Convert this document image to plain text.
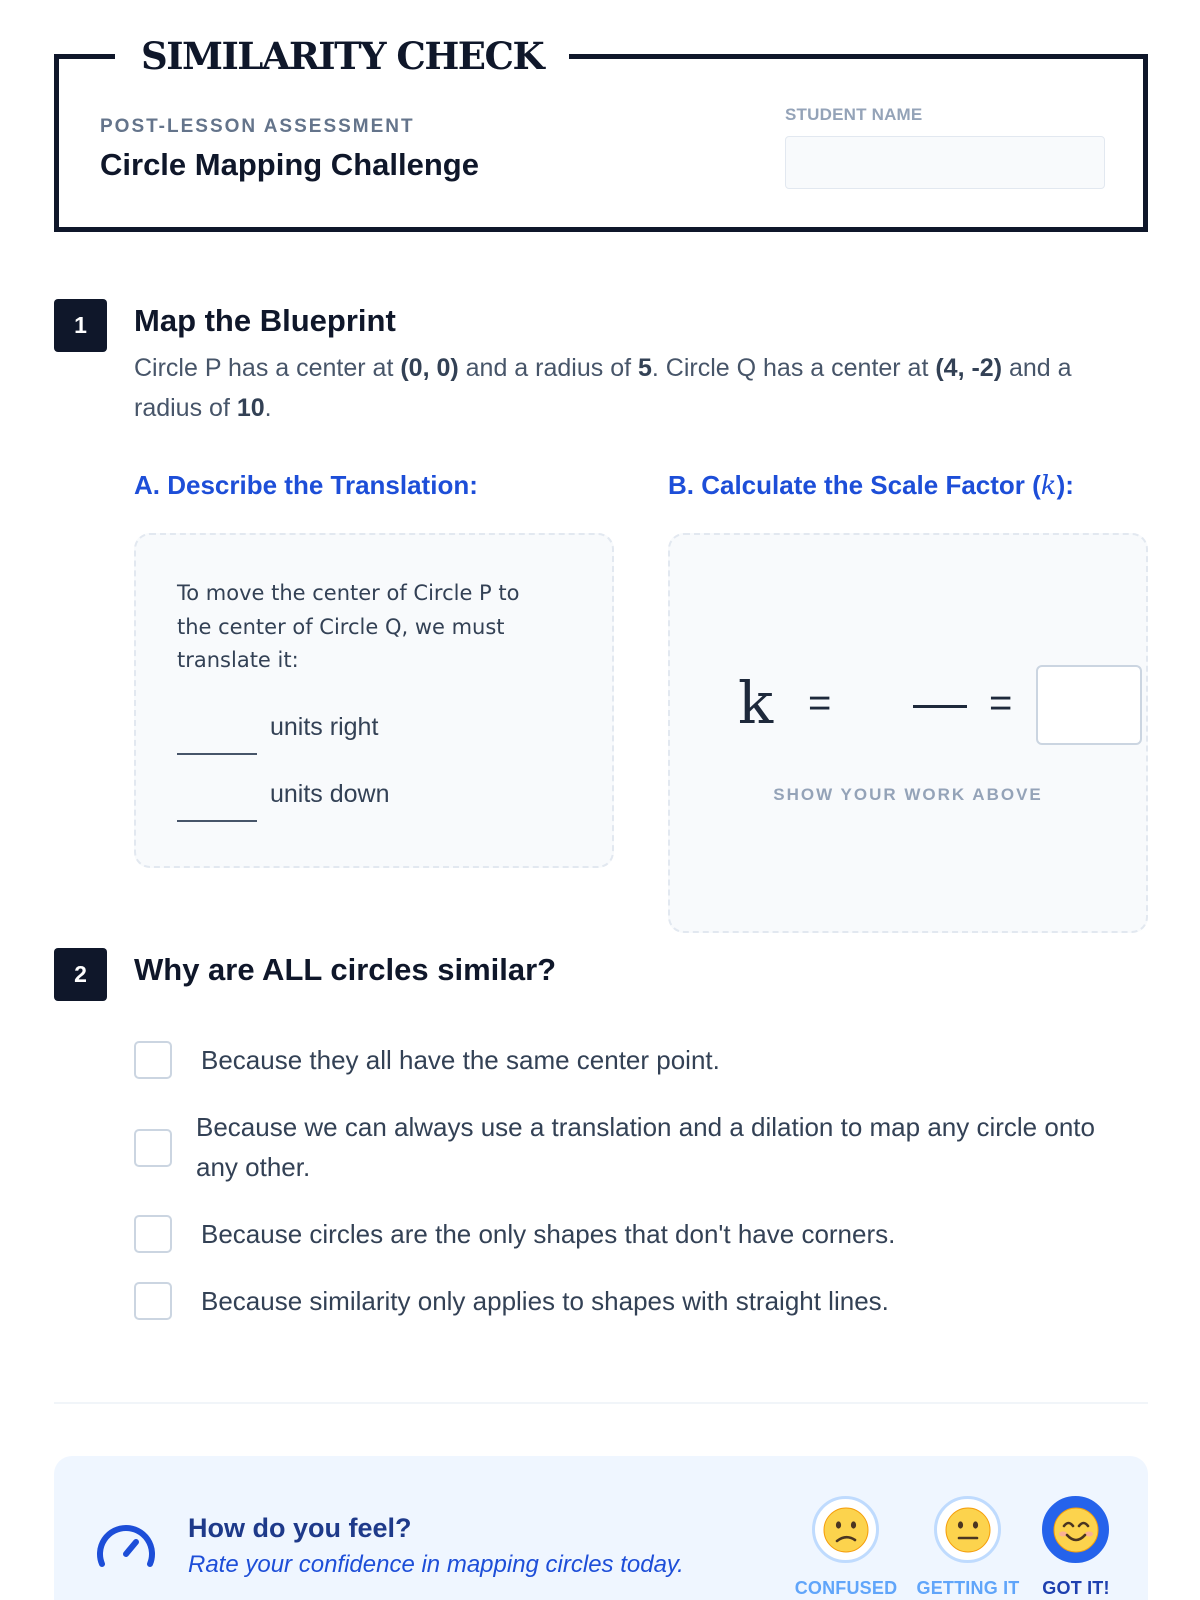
SIMILARITY CHECK
POST-LESSON ASSESSMENT
Circle Mapping Challenge
STUDENT NAME
1	Map the Blueprint
Circle P has a center at (0, 0) and a radius of 5. Circle Q has a center at (4, -2) and a radius of 10.
A. Describe the Translation:	B. Calculate the Scale Factor (k):
To move the center of Circle P to the center of Circle Q, we must translate it:
units right
units down
k =	=
SHOW YOUR WORK ABOVE
2	Why are ALL circles similar?
Because they all have the same center point.
Because we can always use a translation and a dilation to map any circle onto any other.
Because circles are the only shapes that don't have corners.
Because similarity only applies to shapes with straight lines.
How do you feel?
Rate your confidence in mapping circles today.
CONFUSED	GETTING IT	GOT IT!
